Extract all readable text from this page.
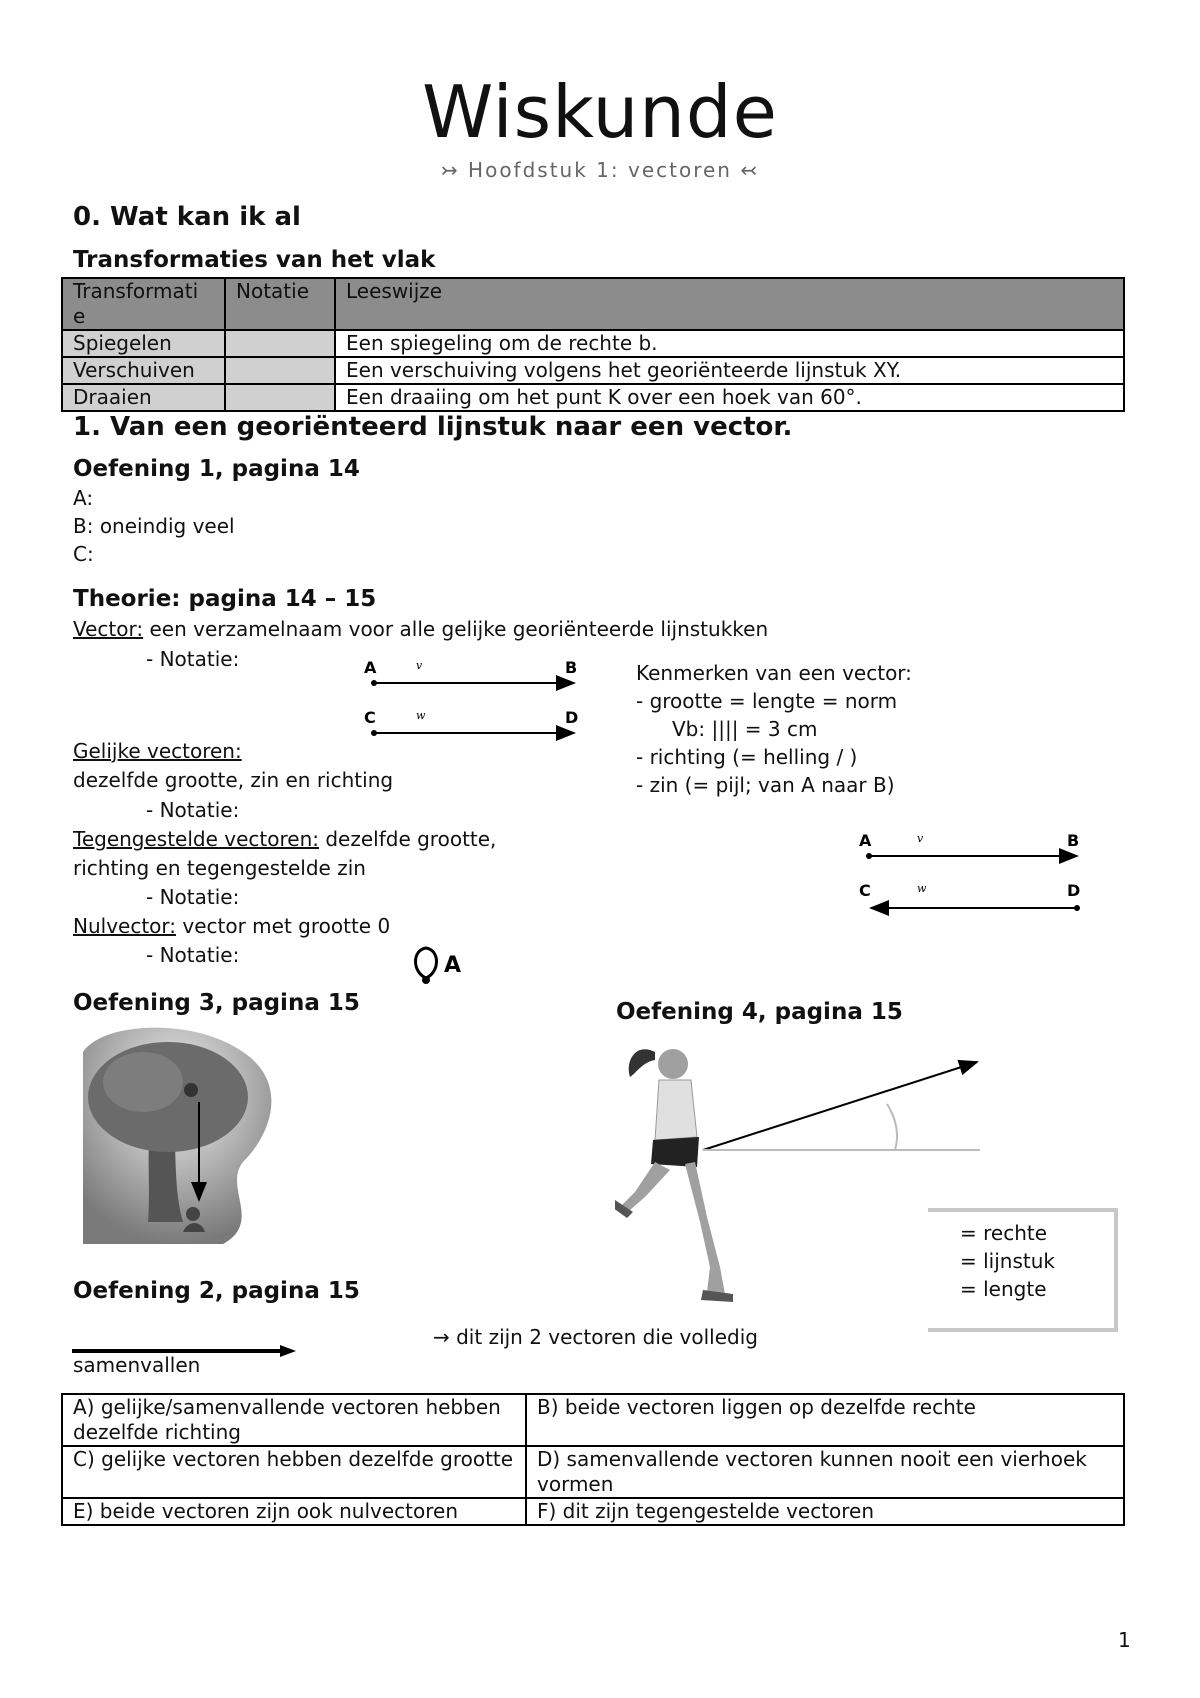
Wiskunde
↣ Hoofdstuk 1: vectoren ↢
0. Wat kan ik al
Transformaties van het vlak
Transformati e	Notatie	Leeswijze
Spiegelen		Een spiegeling om de rechte b.
Verschuiven		Een verschuiving volgens het georiënteerde lijnstuk XY.
Draaien		Een draaiing om het punt K over een hoek van 60°.
1. Van een georiënteerd lijnstuk naar een vector.
Oefening 1, pagina 14
A:
B: oneindig veel
C:
Theorie: pagina 14 – 15
Vector: een verzamelnaam voor alle gelijke georiënteerde lijnstukken
- Notatie:	A	v	B
C	w	D
Kenmerken van een vector:
- grootte = lengte = norm
Vb: |||| = 3 cm
- richting (= helling / )
- zin (= pijl; van A naar B)
Gelijke vectoren:
dezelfde grootte, zin en richting
- Notatie:
Tegengestelde vectoren: dezelfde grootte,
richting en tegengestelde zin
- Notatie:
Nulvector: vector met grootte 0
- Notatie:
A	v	B
C	w	D
A
Oefening 3, pagina 15	Oefening 4, pagina 15
= rechte
= lijnstuk
= lengte
Oefening 2, pagina 15
→ dit zijn 2 vectoren die volledig
samenvallen
A) gelijke/samenvallende vectoren hebben dezelfde richting	B) beide vectoren liggen op dezelfde rechte
C) gelijke vectoren hebben dezelfde grootte	D) samenvallende vectoren kunnen nooit een vierhoek vormen
E) beide vectoren zijn ook nulvectoren	F) dit zijn tegengestelde vectoren
1
